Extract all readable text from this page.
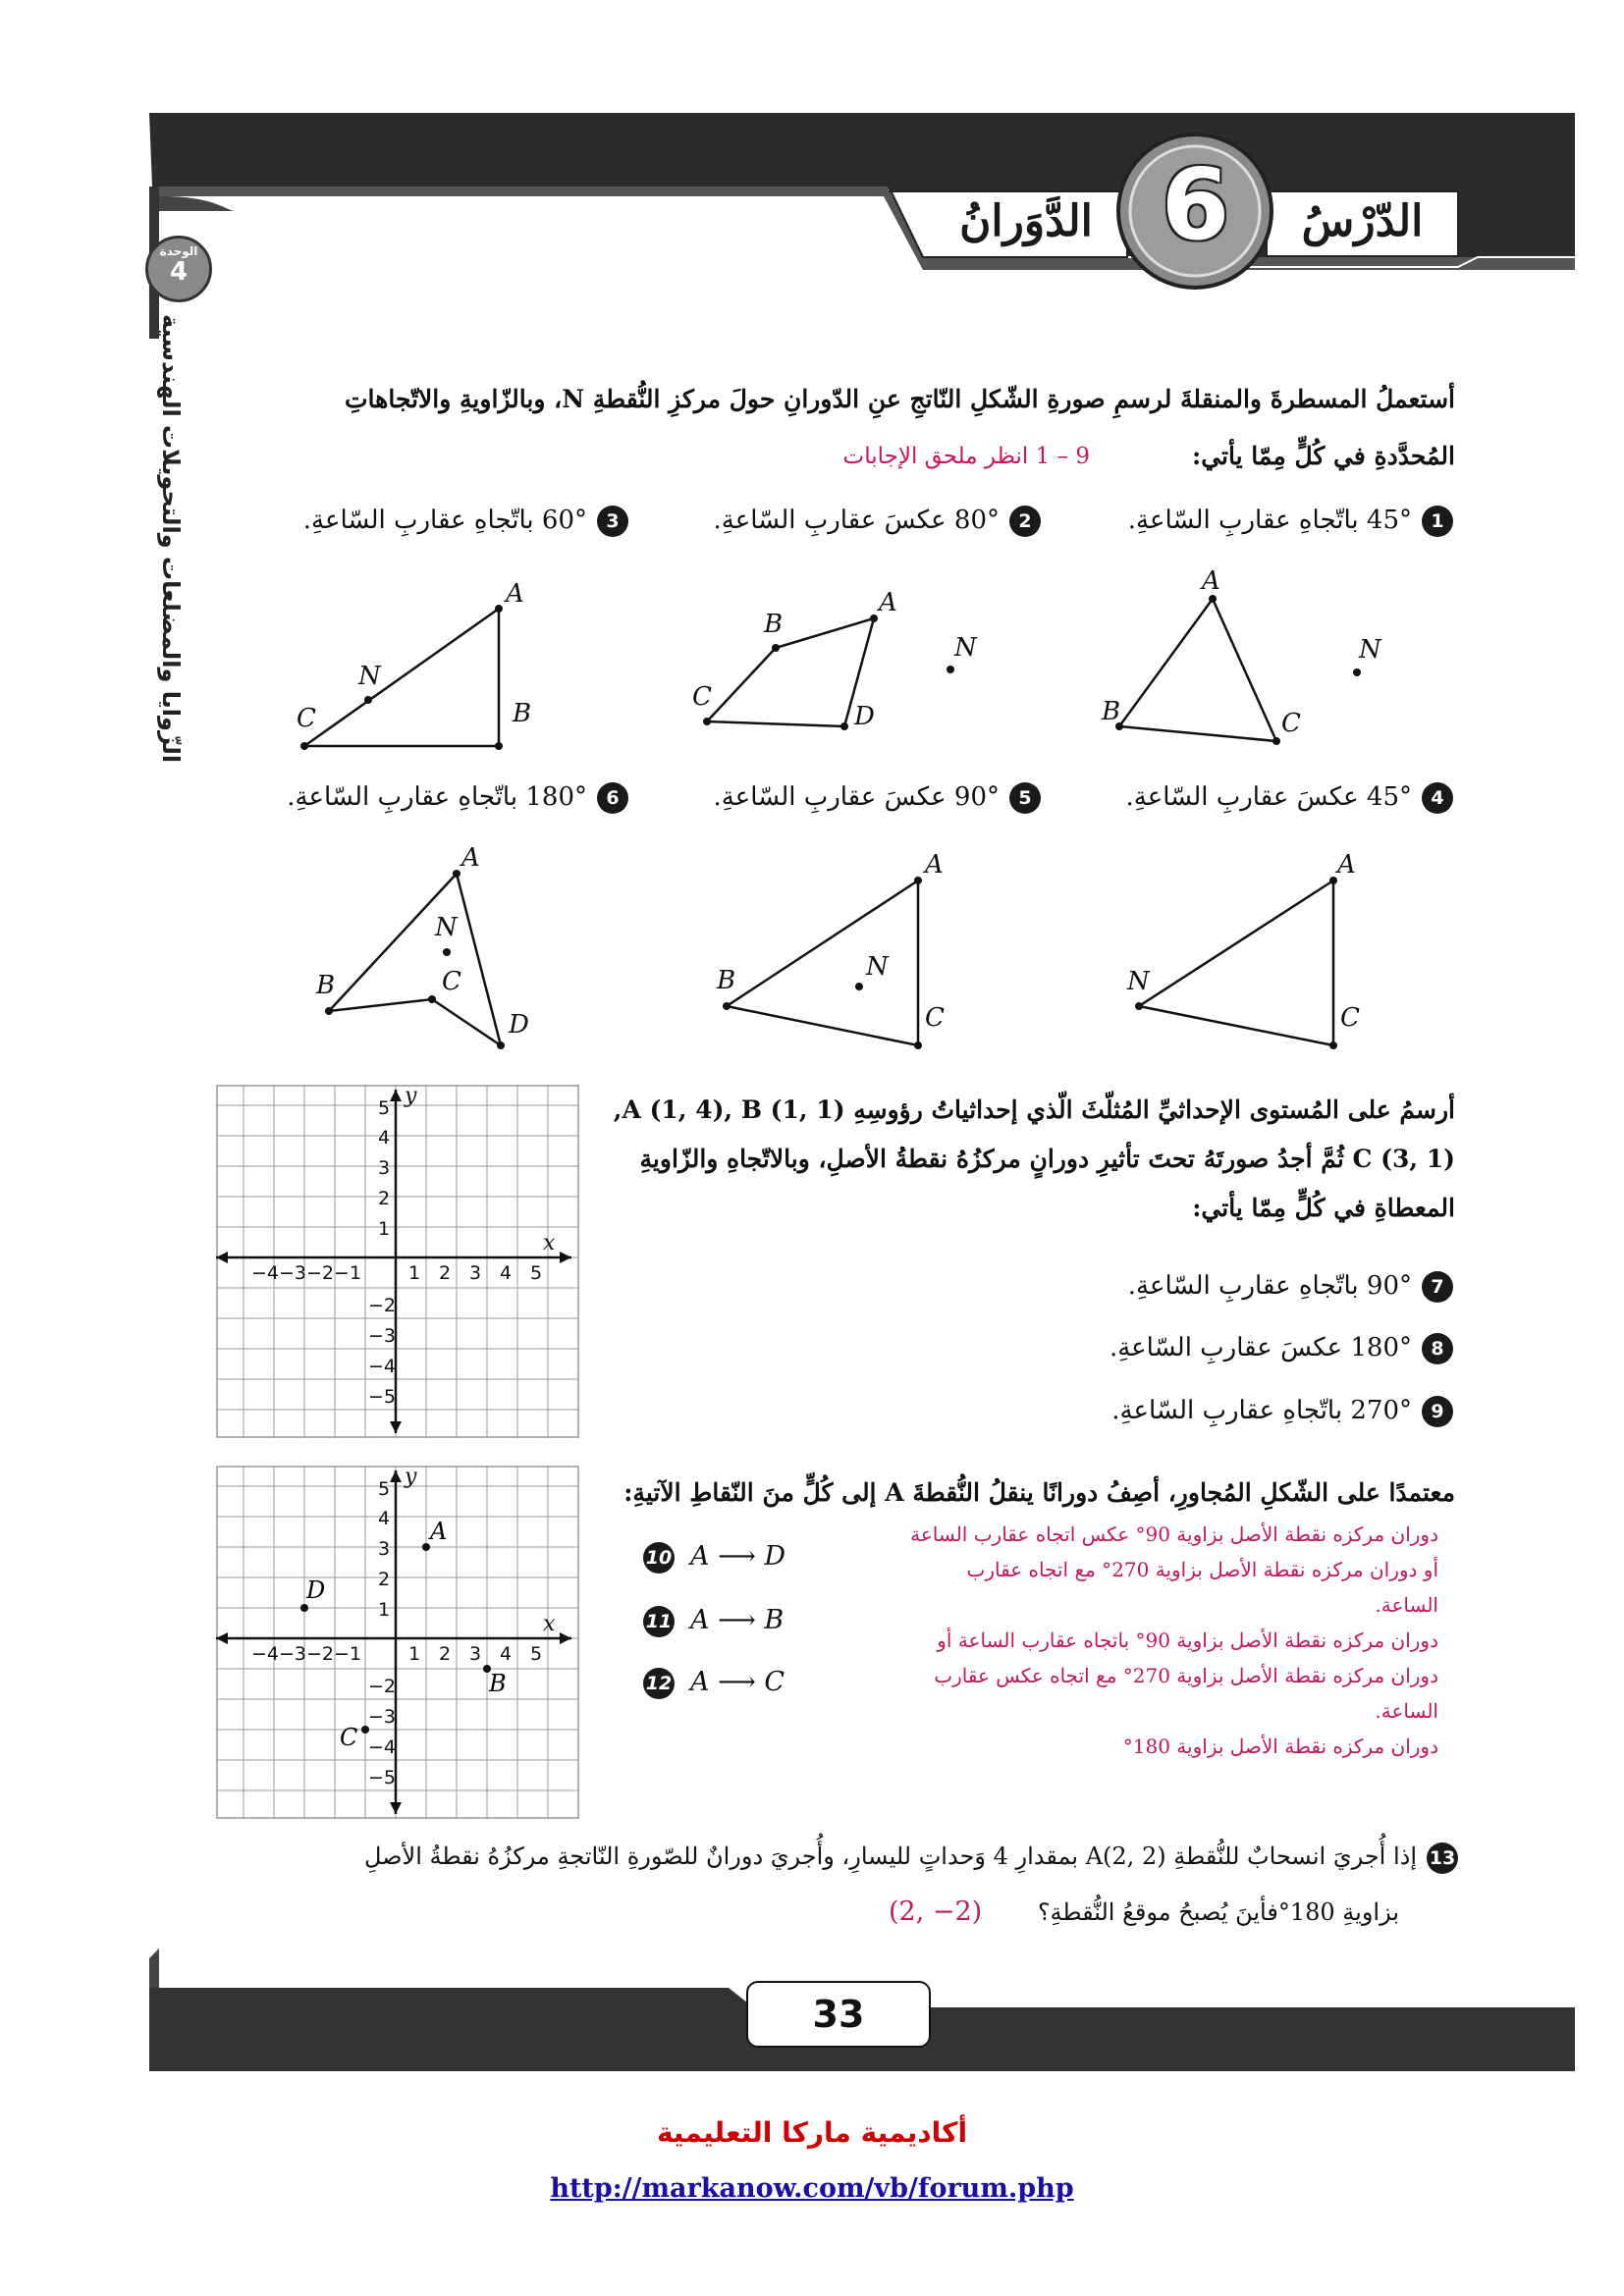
الدّرْسُ
6
الدَّوَرانُ
الوحدة
4
الزّوايا والمضلعات والتحويلات الهندسية	أستعملُ المسطرةَ والمنقلةَ لرسمِ صورةِ الشّكلِ النّاتجِ عنِ الدّورانِ حولَ مركزِ النُّقطةِ N، وبالزّاويةِ والاتّجاهاتِ
المُحدَّدةِ في كُلٍّ مِمّا يأتي:
9 – 1 انظر ملحق الإجابات
145° باتّجاهِ عقاربِ السّاعةِ.
280° عكسَ عقاربِ السّاعةِ.
360° باتّجاهِ عقاربِ السّاعةِ.
A
B	C
N
A
B
C
D
N
A
B
C
N
445° عكسَ عقاربِ السّاعةِ.
590° عكسَ عقاربِ السّاعةِ.
6180° باتّجاهِ عقاربِ السّاعةِ.
A
N
C
A
B
C
N
A
B	C
D
N
أرسمُ على المُستوى الإحداثيِّ المُثلّثَ الّذي إحداثياتُ رؤوسِهِ A (1, 4), B (1, 1),
C (3, 1) ثُمَّ أجدُ صورتَهُ تحتَ تأثيرِ دورانٍ مركزُهُ نقطةُ الأصلِ، وبالاتّجاهِ والزّاويةِ
المعطاةِ في كُلٍّ مِمّا يأتي:
790° باتّجاهِ عقاربِ السّاعةِ.
8180° عكسَ عقاربِ السّاعةِ.
9270° باتّجاهِ عقاربِ السّاعةِ.
y
x
5
4
3
2
1
1 2 3 4 5
−4−3−2−1
−2
−3
−4
−5
معتمدًا على الشّكلِ المُجاورِ، أصِفُ دورانًا ينقلُ النُّقطةَ A إلى كُلٍّ منَ النّقاطِ الآتيةِ:
10 A ⟶ D
11 A ⟶ B
12 A ⟶ C
دوران مركزه نقطة الأصل بزاوية 90° عكس اتجاه عقارب الساعة
أو دوران مركزه نقطة الأصل بزاوية 270° مع اتجاه عقارب
الساعة.
دوران مركزه نقطة الأصل بزاوية 90° باتجاه عقارب الساعة أو
دوران مركزه نقطة الأصل بزاوية 270° مع اتجاه عكس عقارب
الساعة.
دوران مركزه نقطة الأصل بزاوية 180°
y
x
5
4
3
2
1
1 2 3 4 5
−4−3−2−1
−2
−3
−4
−5
A
D
B
C
13إذا أُجريَ انسحابٌ للنُّقطةِ A(2, 2) بمقدارِ 4 وَحداتٍ لليسارِ، وأُجريَ دورانٌ للصّورةِ النّاتجةِ مركزُهُ نقطةُ الأصلِ
بزاويةِ 180°فأينَ يُصبحُ موقعُ النُّقطةِ؟
(2, −2)
33
أكاديمية ماركا التعليمية
http://markanow.com/vb/forum.php
